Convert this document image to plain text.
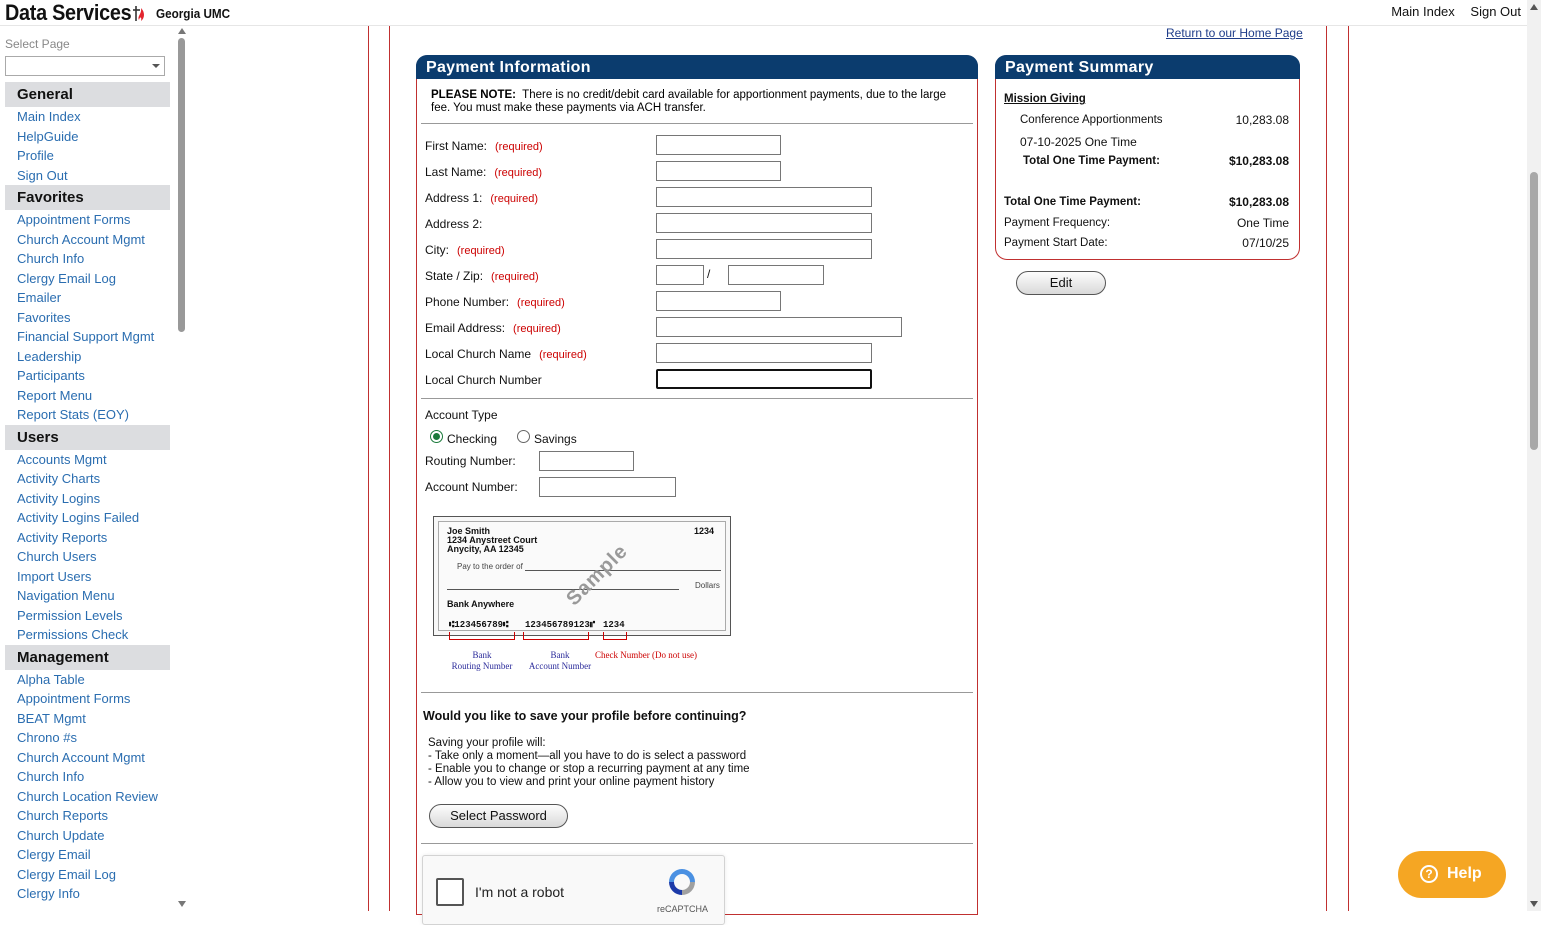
Data Services Georgia UMC	Main Index Sign Out
Select Page
General
Main Index
HelpGuide
Profile
Sign Out
Favorites
Appointment Forms
Church Account Mgmt
Church Info
Clergy Email Log
Emailer
Favorites
Financial Support Mgmt
Leadership
Participants
Report Menu
Report Stats (EOY)
Users
Accounts Mgmt
Activity Charts
Activity Logins
Activity Logins Failed
Activity Reports
Church Users
Import Users
Navigation Menu
Permission Levels
Permissions Check
Management
Alpha Table
Appointment Forms
BEAT Mgmt
Chrono #s
Church Account Mgmt
Church Info
Church Location Review
Church Reports
Church Update
Clergy Email
Clergy Email Log
Clergy Info
Return to our Home Page
Payment Information
PLEASE NOTE: There is no credit/debit card available for apportionment payments, due to the large fee. You must make these payments via ACH transfer.
First Name: (required)
Last Name: (required)
Address 1: (required)
Address 2:
City: (required)
State / Zip: (required)	/
Phone Number: (required)
Email Address: (required)
Local Church Name (required)
Local Church Number
Account Type
Checking	Savings
Routing Number:
Account Number:
Joe Smith
1234 Anystreet Court
Anycity, AA 12345
1234
Pay to the order of
Dollars
Bank Anywhere Sample
⑆123456789⑆ 123456789123⑈ 1234
Bank
Routing Number
Bank
Account Number
Check Number (Do not use)
Would you like to save your profile before continuing?
Saving your profile will:
- Take only a moment—all you have to do is select a password
- Enable you to change or stop a recurring payment at any time
- Allow you to view and print your online payment history
Select Password
I'm not a robot
reCAPTCHA
Payment Summary
Mission Giving
Conference Apportionments	10,283.08
07-10-2025 One Time
Total One Time Payment:	$10,283.08
Total One Time Payment:	$10,283.08
Payment Frequency:	One Time
Payment Start Date:	07/10/25
Edit
? Help
